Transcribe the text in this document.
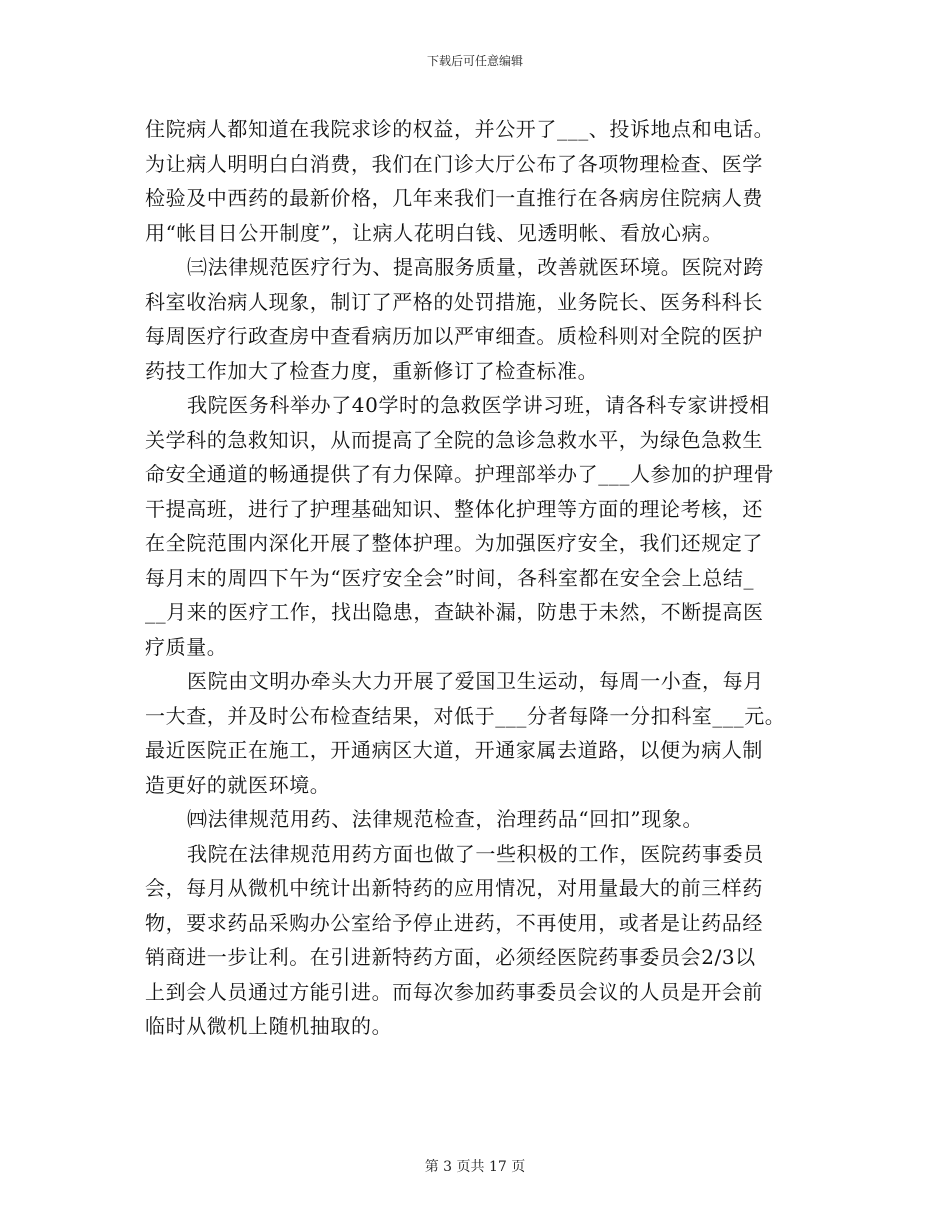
下载后可任意编辑
住院病人都知道在我院求诊的权益，并公开了___、投诉地点和电话。
为让病人明明白白消费，我们在门诊大厅公布了各项物理检查、医学
检验及中西药的最新价格，几年来我们一直推行在各病房住院病人费
用“帐目日公开制度”，让病人花明白钱、见透明帐、看放心病。
㈢法律规范医疗行为、提高服务质量，改善就医环境。医院对跨
科室收治病人现象，制订了严格的处罚措施，业务院长、医务科科长
每周医疗行政查房中查看病历加以严审细查。质检科则对全院的医护
药技工作加大了检查力度，重新修订了检查标准。
我院医务科举办了40学时的急救医学讲习班，请各科专家讲授相
关学科的急救知识，从而提高了全院的急诊急救水平，为绿色急救生
命安全通道的畅通提供了有力保障。护理部举办了___人参加的护理骨
干提高班，进行了护理基础知识、整体化护理等方面的理论考核，还
在全院范围内深化开展了整体护理。为加强医疗安全，我们还规定了
每月末的周四下午为“医疗安全会”时间，各科室都在安全会上总结_
__月来的医疗工作，找出隐患，查缺补漏，防患于未然，不断提高医
疗质量。
医院由文明办牵头大力开展了爱国卫生运动，每周一小查，每月
一大查，并及时公布检查结果，对低于___分者每降一分扣科室___元。
最近医院正在施工，开通病区大道，开通家属去道路，以便为病人制
造更好的就医环境。
㈣法律规范用药、法律规范检查，治理药品“回扣”现象。
我院在法律规范用药方面也做了一些积极的工作，医院药事委员
会，每月从微机中统计出新特药的应用情况，对用量最大的前三样药
物，要求药品采购办公室给予停止进药，不再使用，或者是让药品经
销商进一步让利。在引进新特药方面，必须经医院药事委员会2/3以
上到会人员通过方能引进。而每次参加药事委员会议的人员是开会前
临时从微机上随机抽取的。
第 3 页共 17 页
